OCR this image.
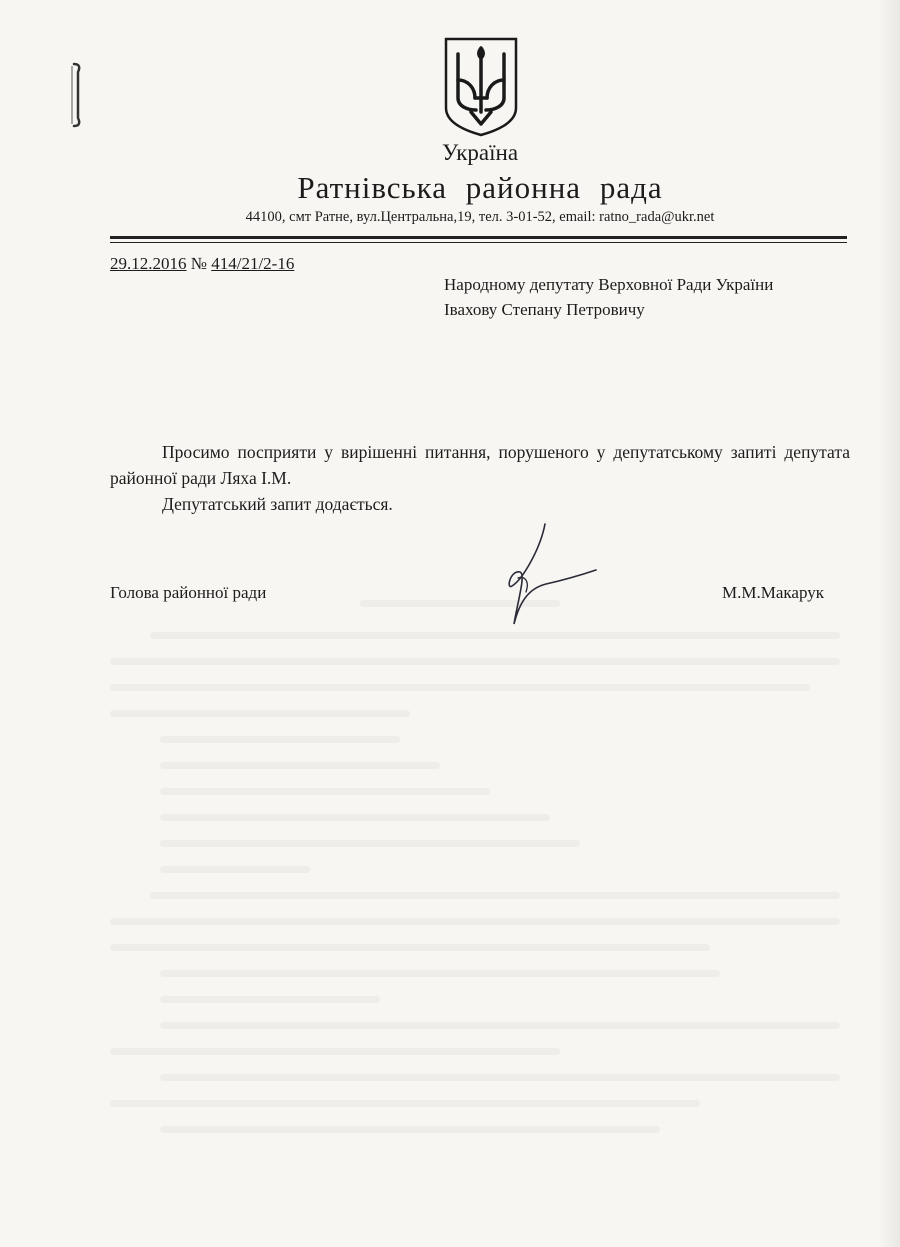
Україна
Ратнівська районна рада
44100, смт Ратне, вул.Центральна,19, тел. 3-01-52, email: ratno_rada@ukr.net
29.12.2016 № 414/21/2-16
Народному депутату Верховної Ради України
Івахову Степану Петровичу

Просимо посприяти у вирішенні питання, порушеного у депутатському запиті депутата районної ради Ляха І.М.

Депутатський запит додається.

Голова районної ради	М.М.Макарук
